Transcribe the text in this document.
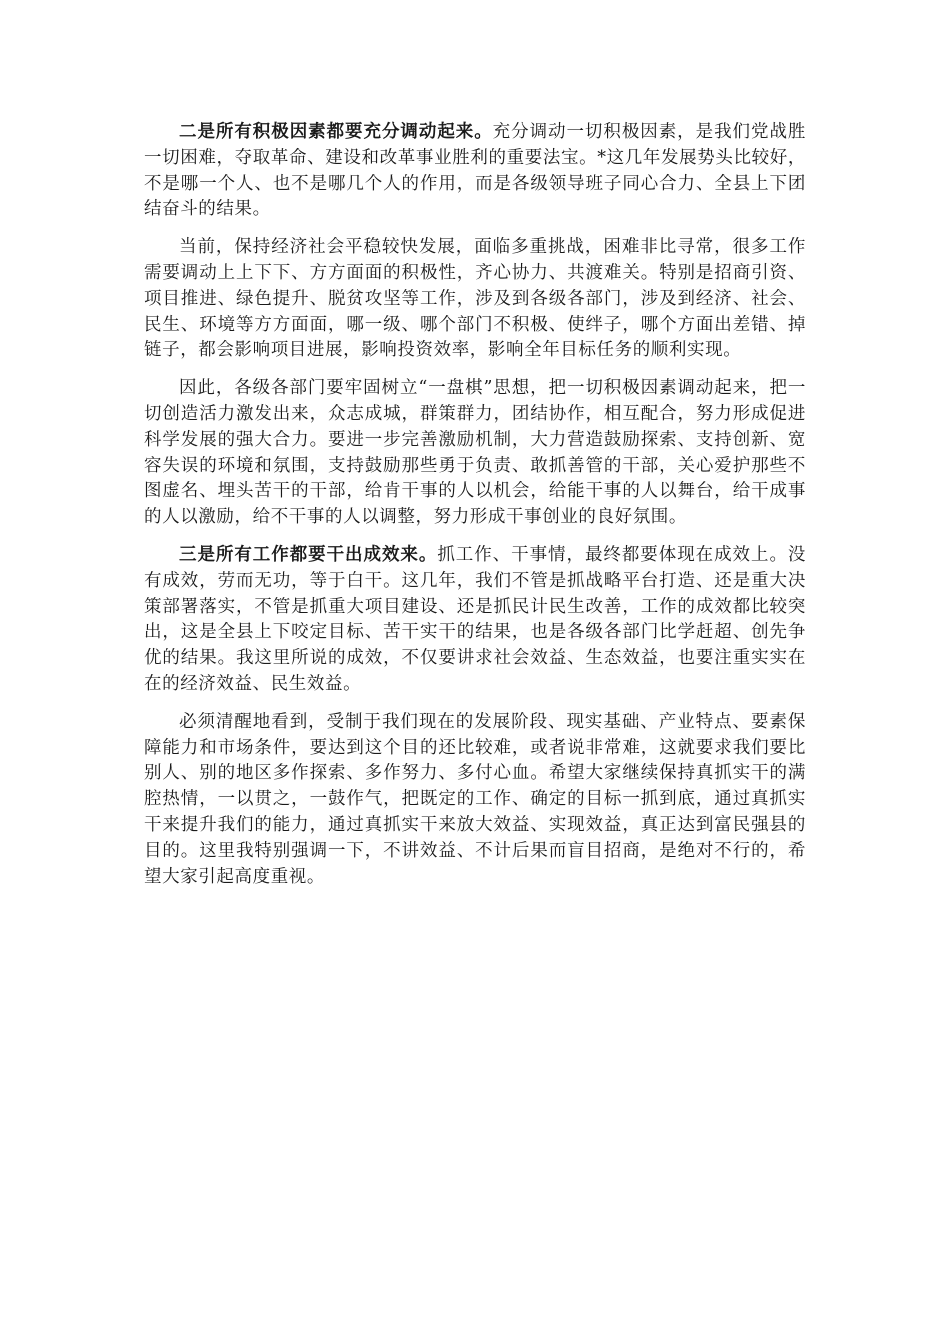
二是所有积极因素都要充分调动起来。充分调动一切积极因素，是我们党战胜一切困难，夺取革命、建设和改革事业胜利的重要法宝。*这几年发展势头比较好，不是哪一个人、也不是哪几个人的作用，而是各级领导班子同心合力、全县上下团结奋斗的结果。

当前，保持经济社会平稳较快发展，面临多重挑战，困难非比寻常，很多工作需要调动上上下下、方方面面的积极性，齐心协力、共渡难关。特别是招商引资、项目推进、绿色提升、脱贫攻坚等工作，涉及到各级各部门，涉及到经济、社会、民生、环境等方方面面，哪一级、哪个部门不积极、使绊子，哪个方面出差错、掉链子，都会影响项目进展，影响投资效率，影响全年目标任务的顺利实现。

因此，各级各部门要牢固树立“一盘棋”思想，把一切积极因素调动起来，把一切创造活力激发出来，众志成城，群策群力，团结协作，相互配合，努力形成促进科学发展的强大合力。要进一步完善激励机制，大力营造鼓励探索、支持创新、宽容失误的环境和氛围，支持鼓励那些勇于负责、敢抓善管的干部，关心爱护那些不图虚名、埋头苦干的干部，给肯干事的人以机会，给能干事的人以舞台，给干成事的人以激励，给不干事的人以调整，努力形成干事创业的良好氛围。

三是所有工作都要干出成效来。抓工作、干事情，最终都要体现在成效上。没有成效，劳而无功，等于白干。这几年，我们不管是抓战略平台打造、还是重大决策部署落实，不管是抓重大项目建设、还是抓民计民生改善，工作的成效都比较突出，这是全县上下咬定目标、苦干实干的结果，也是各级各部门比学赶超、创先争优的结果。我这里所说的成效，不仅要讲求社会效益、生态效益，也要注重实实在在的经济效益、民生效益。

必须清醒地看到，受制于我们现在的发展阶段、现实基础、产业特点、要素保障能力和市场条件，要达到这个目的还比较难，或者说非常难，这就要求我们要比别人、别的地区多作探索、多作努力、多付心血。希望大家继续保持真抓实干的满腔热情，一以贯之，一鼓作气，把既定的工作、确定的目标一抓到底，通过真抓实干来提升我们的能力，通过真抓实干来放大效益、实现效益，真正达到富民强县的目的。这里我特别强调一下，不讲效益、不计后果而盲目招商，是绝对不行的，希望大家引起高度重视。
